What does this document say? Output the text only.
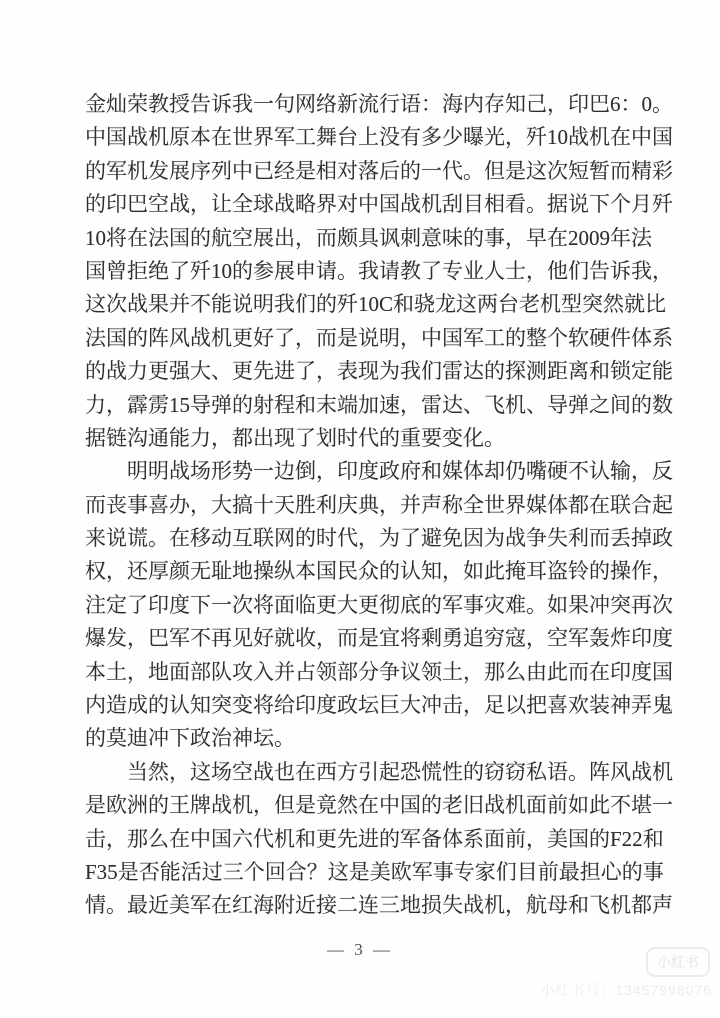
金 灿 荣 教 授 告 诉 我 一 句 网 络 新 流 行 语 ： 海 内 存 知 己 ， 印 巴 6 ： 0 。
中 国 战 机 原 本 在 世 界 军 工 舞 台 上 没 有 多 少 曝 光 ， 歼 10 战 机 在 中 国
的 军 机 发 展 序 列 中 已 经 是 相 对 落 后 的 一 代 。 但 是 这 次 短 暂 而 精 彩
的 印 巴 空 战 ， 让 全 球 战 略 界 对 中 国 战 机 刮 目 相 看 。 据 说 下 个 月 歼
10 将 在 法 国 的 航 空 展 出 ， 而 颇 具 讽 刺 意 味 的 事 ， 早 在 2009 年 法
国 曾 拒 绝 了 歼 10 的 参 展 申 请 。 我 请 教 了 专 业 人 士 ， 他 们 告 诉 我 ，
这 次 战 果 并 不 能 说 明 我 们 的 歼 10C 和 骁 龙 这 两 台 老 机 型 突 然 就 比
法 国 的 阵 风 战 机 更 好 了 ， 而 是 说 明 ， 中 国 军 工 的 整 个 软 硬 件 体 系
的 战 力 更 强 大 、 更 先 进 了 ， 表 现 为 我 们 雷 达 的 探 测 距 离 和 锁 定 能
力 ， 霹 雳 15 导 弹 的 射 程 和 末 端 加 速 ， 雷 达 、 飞 机 、 导 弹 之 间 的 数
据 链 沟 通 能 力 ， 都 出 现 了 划 时 代 的 重 要 变 化 。
明 明 战 场 形 势 一 边 倒 ， 印 度 政 府 和 媒 体 却 仍 嘴 硬 不 认 输 ， 反
而 丧 事 喜 办 ， 大 搞 十 天 胜 利 庆 典 ， 并 声 称 全 世 界 媒 体 都 在 联 合 起
来 说 谎 。 在 移 动 互 联 网 的 时 代 ， 为 了 避 免 因 为 战 争 失 利 而 丢 掉 政
权 ， 还 厚 颜 无 耻 地 操 纵 本 国 民 众 的 认 知 ， 如 此 掩 耳 盗 铃 的 操 作 ，
注 定 了 印 度 下 一 次 将 面 临 更 大 更 彻 底 的 军 事 灾 难 。 如 果 冲 突 再 次
爆 发 ， 巴 军 不 再 见 好 就 收 ， 而 是 宜 将 剩 勇 追 穷 寇 ， 空 军 轰 炸 印 度
本 土 ， 地 面 部 队 攻 入 并 占 领 部 分 争 议 领 土 ， 那 么 由 此 而 在 印 度 国
内 造 成 的 认 知 突 变 将 给 印 度 政 坛 巨 大 冲 击 ， 足 以 把 喜 欢 装 神 弄 鬼
的 莫 迪 冲 下 政 治 神 坛 。
当 然 ， 这 场 空 战 也 在 西 方 引 起 恐 慌 性 的 窃 窃 私 语 。 阵 风 战 机
是 欧 洲 的 王 牌 战 机 ， 但 是 竟 然 在 中 国 的 老 旧 战 机 面 前 如 此 不 堪 一
击 ， 那 么 在 中 国 六 代 机 和 更 先 进 的 军 备 体 系 面 前 ， 美 国 的 F22 和
F35 是 否 能 活 过 三 个 回 合 ？ 这 是 美 欧 军 事 专 家 们 目 前 最 担 心 的 事
情 。 最 近 美 军 在 红 海 附 近 接 二 连 三 地 损 失 战 机 ， 航 母 和 飞 机 都 声
— 3 —
小红书
小红书号：13457998076
